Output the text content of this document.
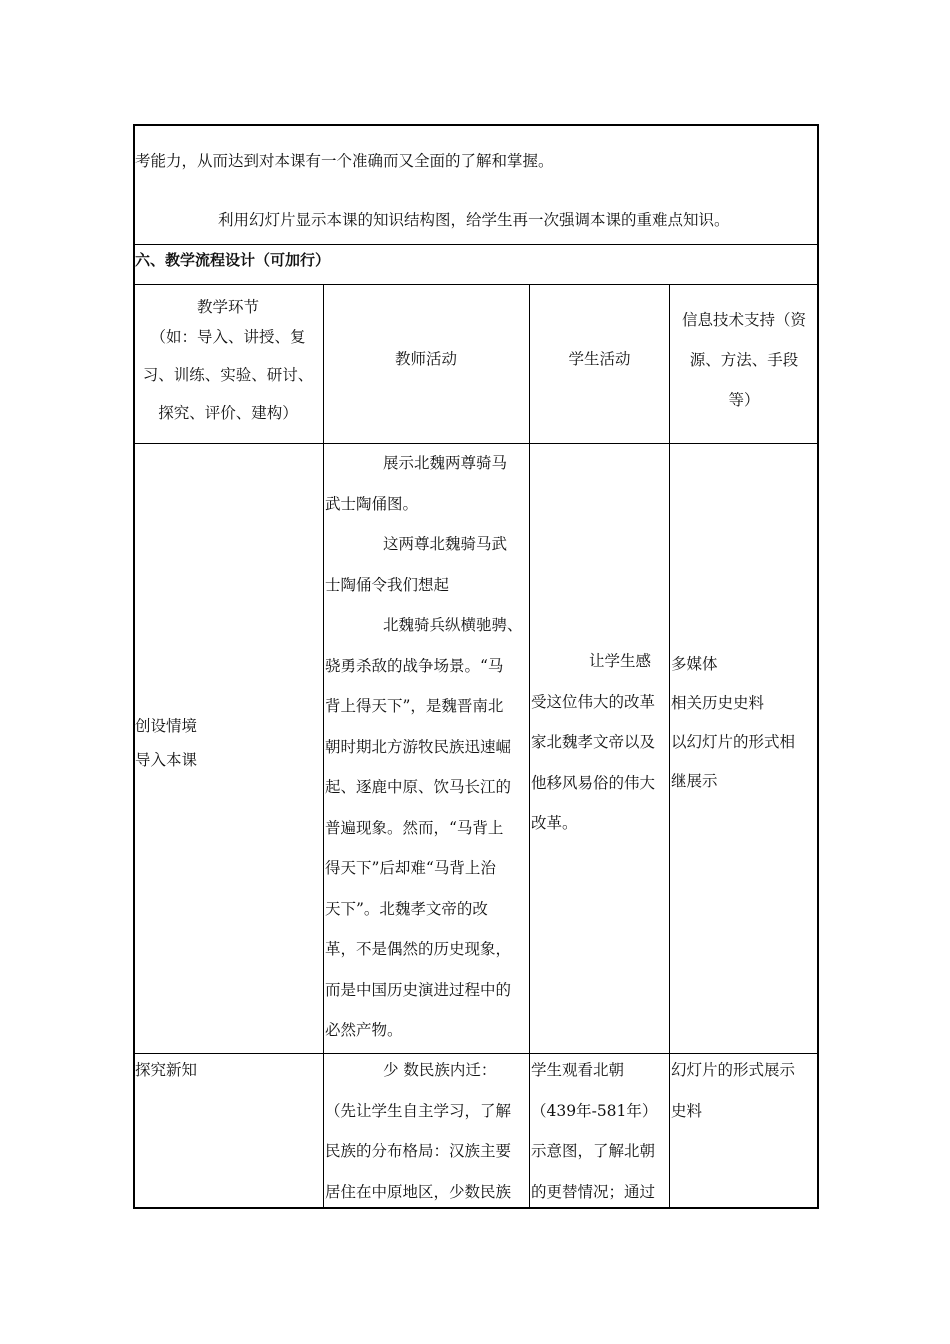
考能力，从而达到对本课有一个准确而又全面的了解和掌握。
利用幻灯片显示本课的知识结构图，给学生再一次强调本课的重难点知识。
六、教学流程设计（可加行）
教学环节
（如：导入、讲授、复
习、训练、实验、研讨、
探究、评价、建构）
教师活动	学生活动
信息技术支持（资
源、方法、手段
等）
创设情境
导入本课
展示北魏两尊骑马
武士陶俑图。
这两尊北魏骑马武
士陶俑令我们想起
北魏骑兵纵横驰骋、
骁勇杀敌的战争场景。“马
背上得天下”，是魏晋南北
朝时期北方游牧民族迅速崛
起、逐鹿中原、饮马长江的
普遍现象。然而，“马背上
得天下”后却难“马背上治
天下”。北魏孝文帝的改
革，不是偶然的历史现象，
而是中国历史演进过程中的
必然产物。
让学生感
受这位伟大的改革
家北魏孝文帝以及
他移风易俗的伟大
改革。
多媒体
相关历史史料
以幻灯片的形式相
继展示
探究新知	少 数民族内迁：
（先让学生自主学习，了解
民族的分布格局：汉族主要
居住在中原地区，少数民族
学生观看北朝
（439年-581年）
示意图，了解北朝
的更替情况；通过
幻灯片的形式展示
史料
